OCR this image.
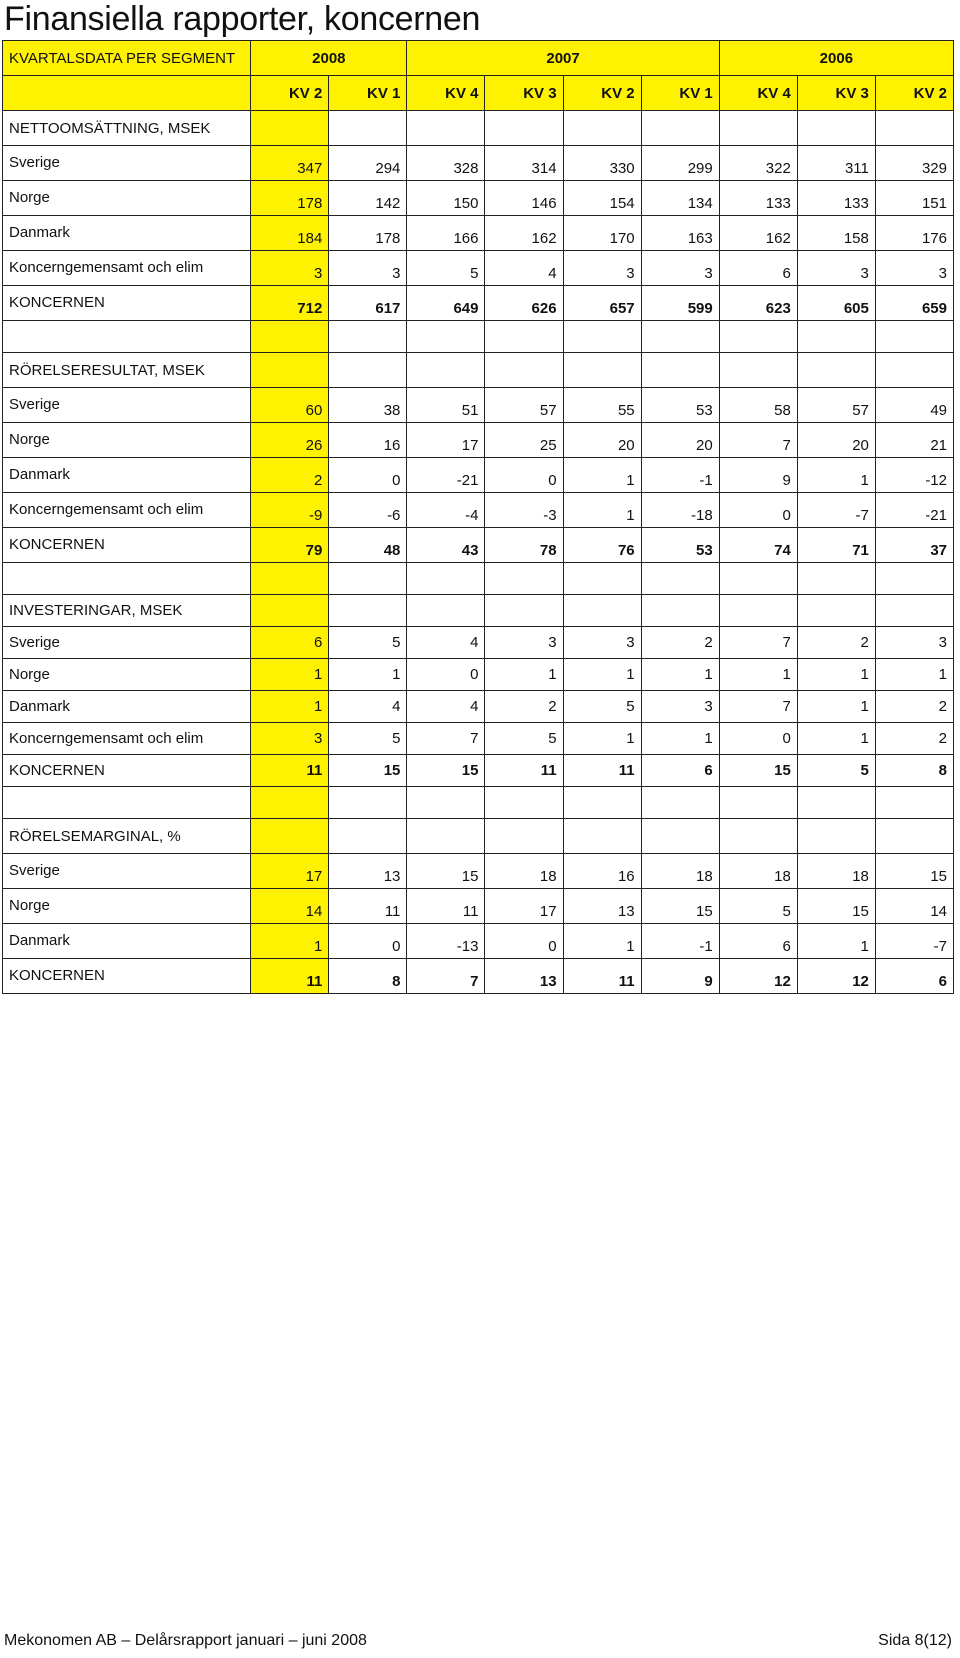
Finansiella rapporter, koncernen
KVARTALSDATA PER SEGMENT	2008		2007				2006		
	KV 2	KV 1	KV 4	KV 3	KV 2	KV 1	KV 4	KV 3	KV 2
NETTOOMSÄTTNING, MSEK									
Sverige	347	294	328	314	330	299	322	311	329
Norge	178	142	150	146	154	134	133	133	151
Danmark	184	178	166	162	170	163	162	158	176
Koncerngemensamt och elim	3	3	5	4	3	3	6	3	3
KONCERNEN	712	617	649	626	657	599	623	605	659

RÖRELSERESULTAT, MSEK									
Sverige	60	38	51	57	55	53	58	57	49
Norge	26	16	17	25	20	20	7	20	21
Danmark	2	0	-21	0	1	-1	9	1	-12
Koncerngemensamt och elim	-9	-6	-4	-3	1	-18	0	-7	-21
KONCERNEN	79	48	43	78	76	53	74	71	37

INVESTERINGAR, MSEK									
Sverige	6	5	4	3	3	2	7	2	3
Norge	1	1	0	1	1	1	1	1	1
Danmark	1	4	4	2	5	3	7	1	2
Koncerngemensamt och elim	3	5	7	5	1	1	0	1	2
KONCERNEN	11	15	15	11	11	6	15	5	8

RÖRELSEMARGINAL, %									
Sverige	17	13	15	18	16	18	18	18	15
Norge	14	11	11	17	13	15	5	15	14
Danmark	1	0	-13	0	1	-1	6	1	-7
KONCERNEN	11	8	7	13	11	9	12	12	6
Mekonomen AB – Delårsrapport januari – juni 2008	Sida 8(12)
